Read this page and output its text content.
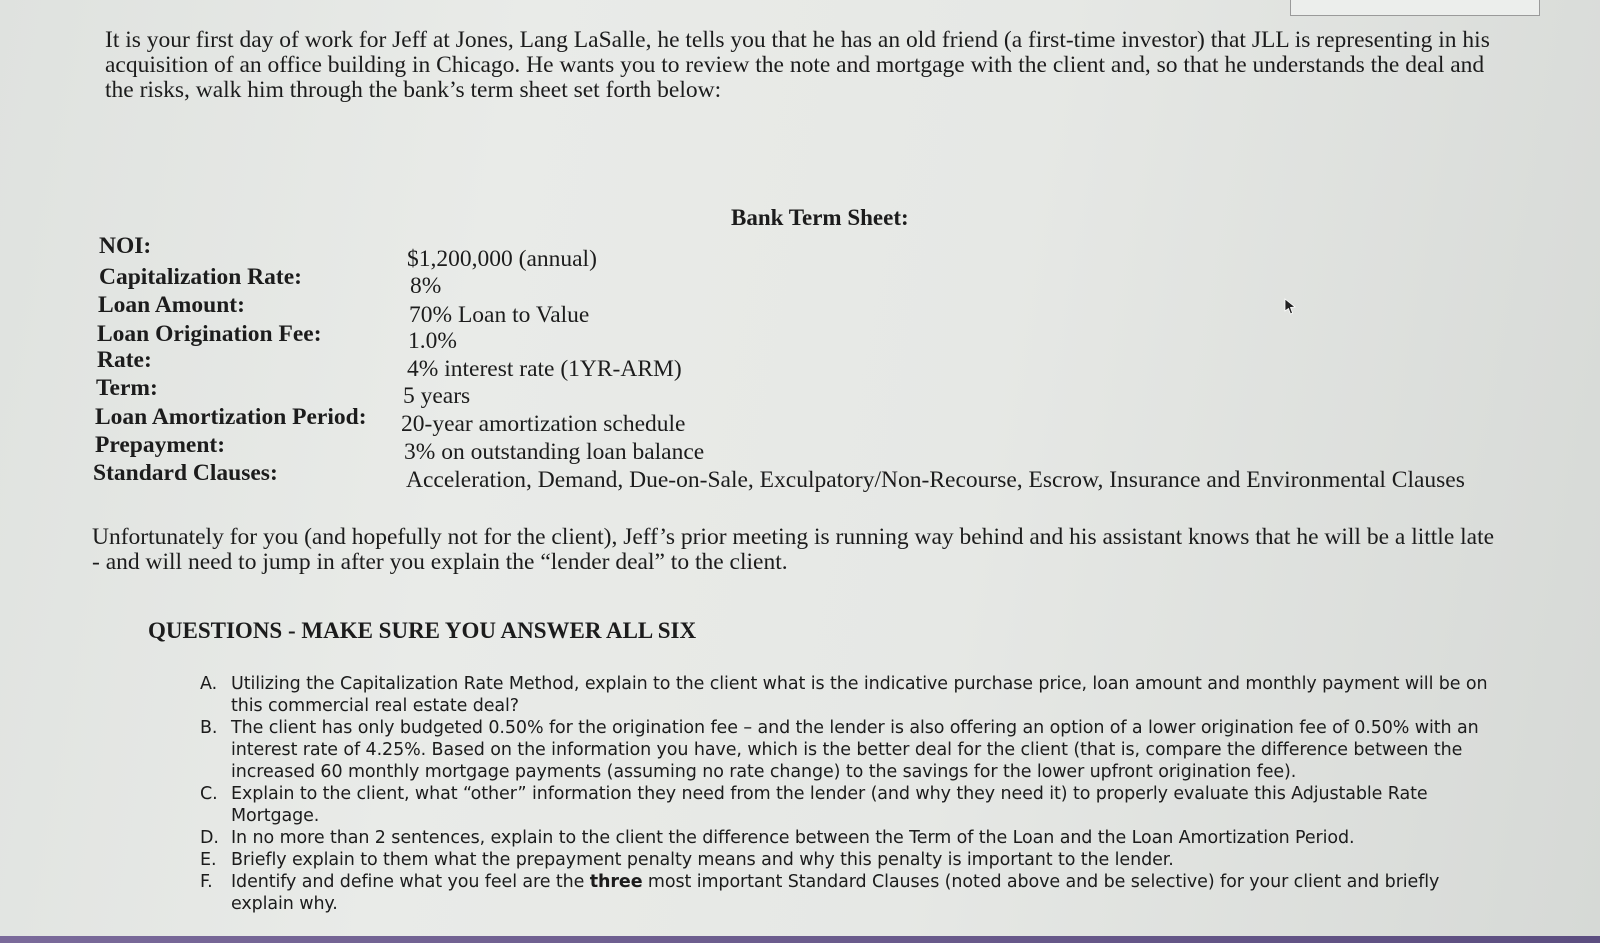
It is your first day of work for Jeff at Jones, Lang LaSalle, he tells you that he has an old friend (a first-time investor) that JLL is representing in his acquisition of an office building in Chicago. He wants you to review the note and mortgage with the client and, so that he understands the deal and the risks, walk him through the bank’s term sheet set forth below:

Bank Term Sheet:
NOI:	$1,200,000 (annual)
Capitalization Rate:	8%
Loan Amount:	70% Loan to Value
Loan Origination Fee:	1.0%
Rate:	4% interest rate (1YR-ARM)
Term:	5 years
Loan Amortization Period: 20-year amortization schedule
Prepayment:	3% on outstanding loan balance
Standard Clauses:	Acceleration, Demand, Due-on-Sale, Exculpatory/Non-Recourse, Escrow, Insurance and Environmental Clauses

Unfortunately for you (and hopefully not for the client), Jeff’s prior meeting is running way behind and his assistant knows that he will be a little late - and will need to jump in after you explain the “lender deal” to the client.

QUESTIONS - MAKE SURE YOU ANSWER ALL SIX
A. Utilizing the Capitalization Rate Method, explain to the client what is the indicative purchase price, loan amount and monthly payment will be on this commercial real estate deal?
B. The client has only budgeted 0.50% for the origination fee – and the lender is also offering an option of a lower origination fee of 0.50% with an interest rate of 4.25%. Based on the information you have, which is the better deal for the client (that is, compare the difference between the increased 60 monthly mortgage payments (assuming no rate change) to the savings for the lower upfront origination fee).
C. Explain to the client, what “other” information they need from the lender (and why they need it) to properly evaluate this Adjustable Rate Mortgage.
D. In no more than 2 sentences, explain to the client the difference between the Term of the Loan and the Loan Amortization Period.
E. Briefly explain to them what the prepayment penalty means and why this penalty is important to the lender.
F.	Identify and define what you feel are the three most important Standard Clauses (noted above and be selective) for your client and briefly explain why.
